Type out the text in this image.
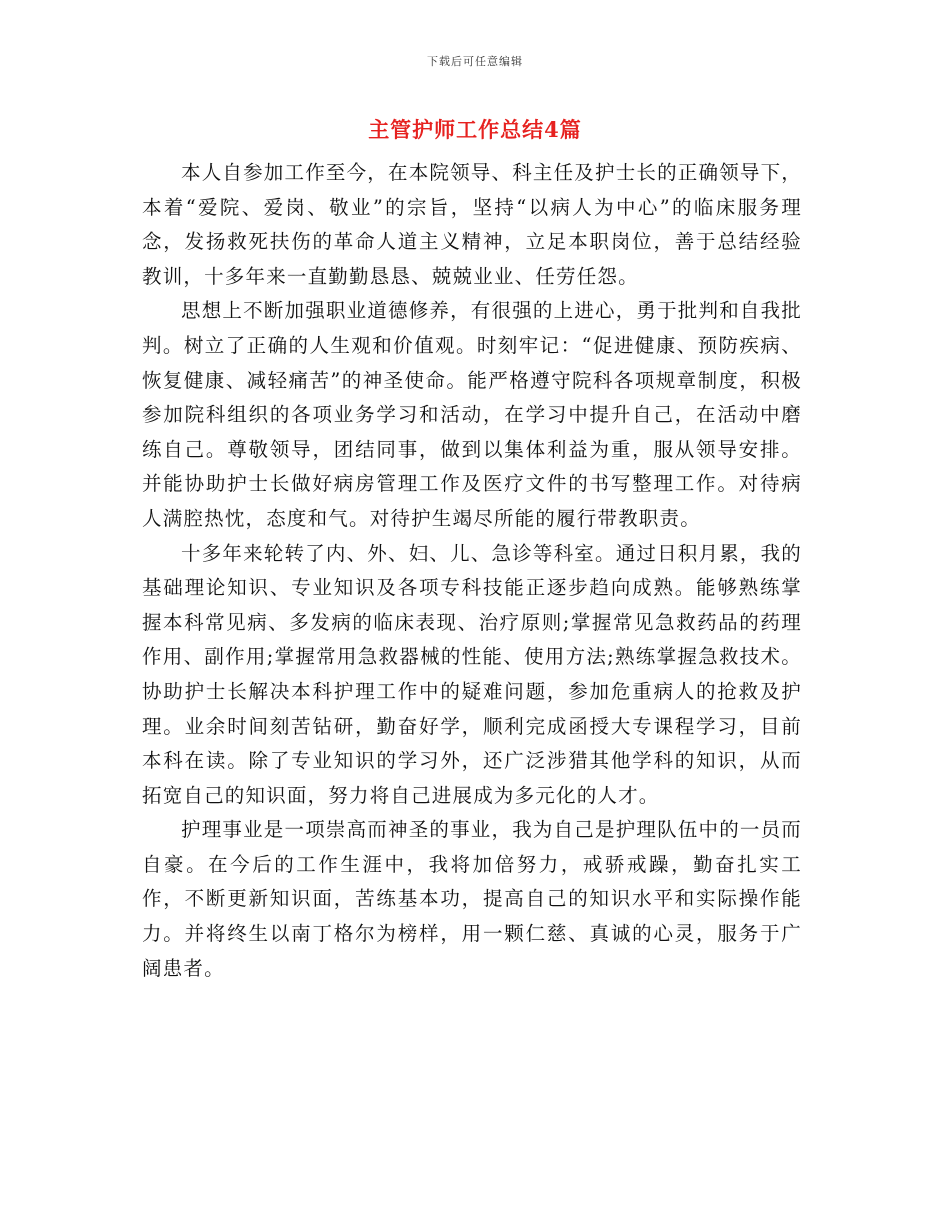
下载后可任意编辑
主管护师工作总结4篇

本人自参加工作至今，在本院领导、科主任及护士长的正确领导下，本着“爱院、爱岗、敬业”的宗旨，坚持“以病人为中心”的临床服务理念，发扬救死扶伤的革命人道主义精神，立足本职岗位，善于总结经验教训，十多年来一直勤勤恳恳、兢兢业业、任劳任怨。

思想上不断加强职业道德修养，有很强的上进心，勇于批判和自我批判。树立了正确的人生观和价值观。时刻牢记：“促进健康、预防疾病、恢复健康、减轻痛苦”的神圣使命。能严格遵守院科各项规章制度，积极参加院科组织的各项业务学习和活动，在学习中提升自己，在活动中磨练自己。尊敬领导，团结同事，做到以集体利益为重，服从领导安排。并能协助护士长做好病房管理工作及医疗文件的书写整理工作。对待病人满腔热忱，态度和气。对待护生竭尽所能的履行带教职责。

十多年来轮转了内、外、妇、儿、急诊等科室。通过日积月累，我的基础理论知识、专业知识及各项专科技能正逐步趋向成熟。能够熟练掌握本科常见病、多发病的临床表现、治疗原则;掌握常见急救药品的药理作用、副作用;掌握常用急救器械的性能、使用方法;熟练掌握急救技术。协助护士长解决本科护理工作中的疑难问题，参加危重病人的抢救及护理。业余时间刻苦钻研，勤奋好学，顺利完成函授大专课程学习，目前本科在读。除了专业知识的学习外，还广泛涉猎其他学科的知识，从而拓宽自己的知识面，努力将自己进展成为多元化的人才。

护理事业是一项崇高而神圣的事业，我为自己是护理队伍中的一员而自豪。在今后的工作生涯中，我将加倍努力，戒骄戒躁，勤奋扎实工作，不断更新知识面，苦练基本功，提高自己的知识水平和实际操作能力。并将终生以南丁格尔为榜样，用一颗仁慈、真诚的心灵，服务于广阔患者。
